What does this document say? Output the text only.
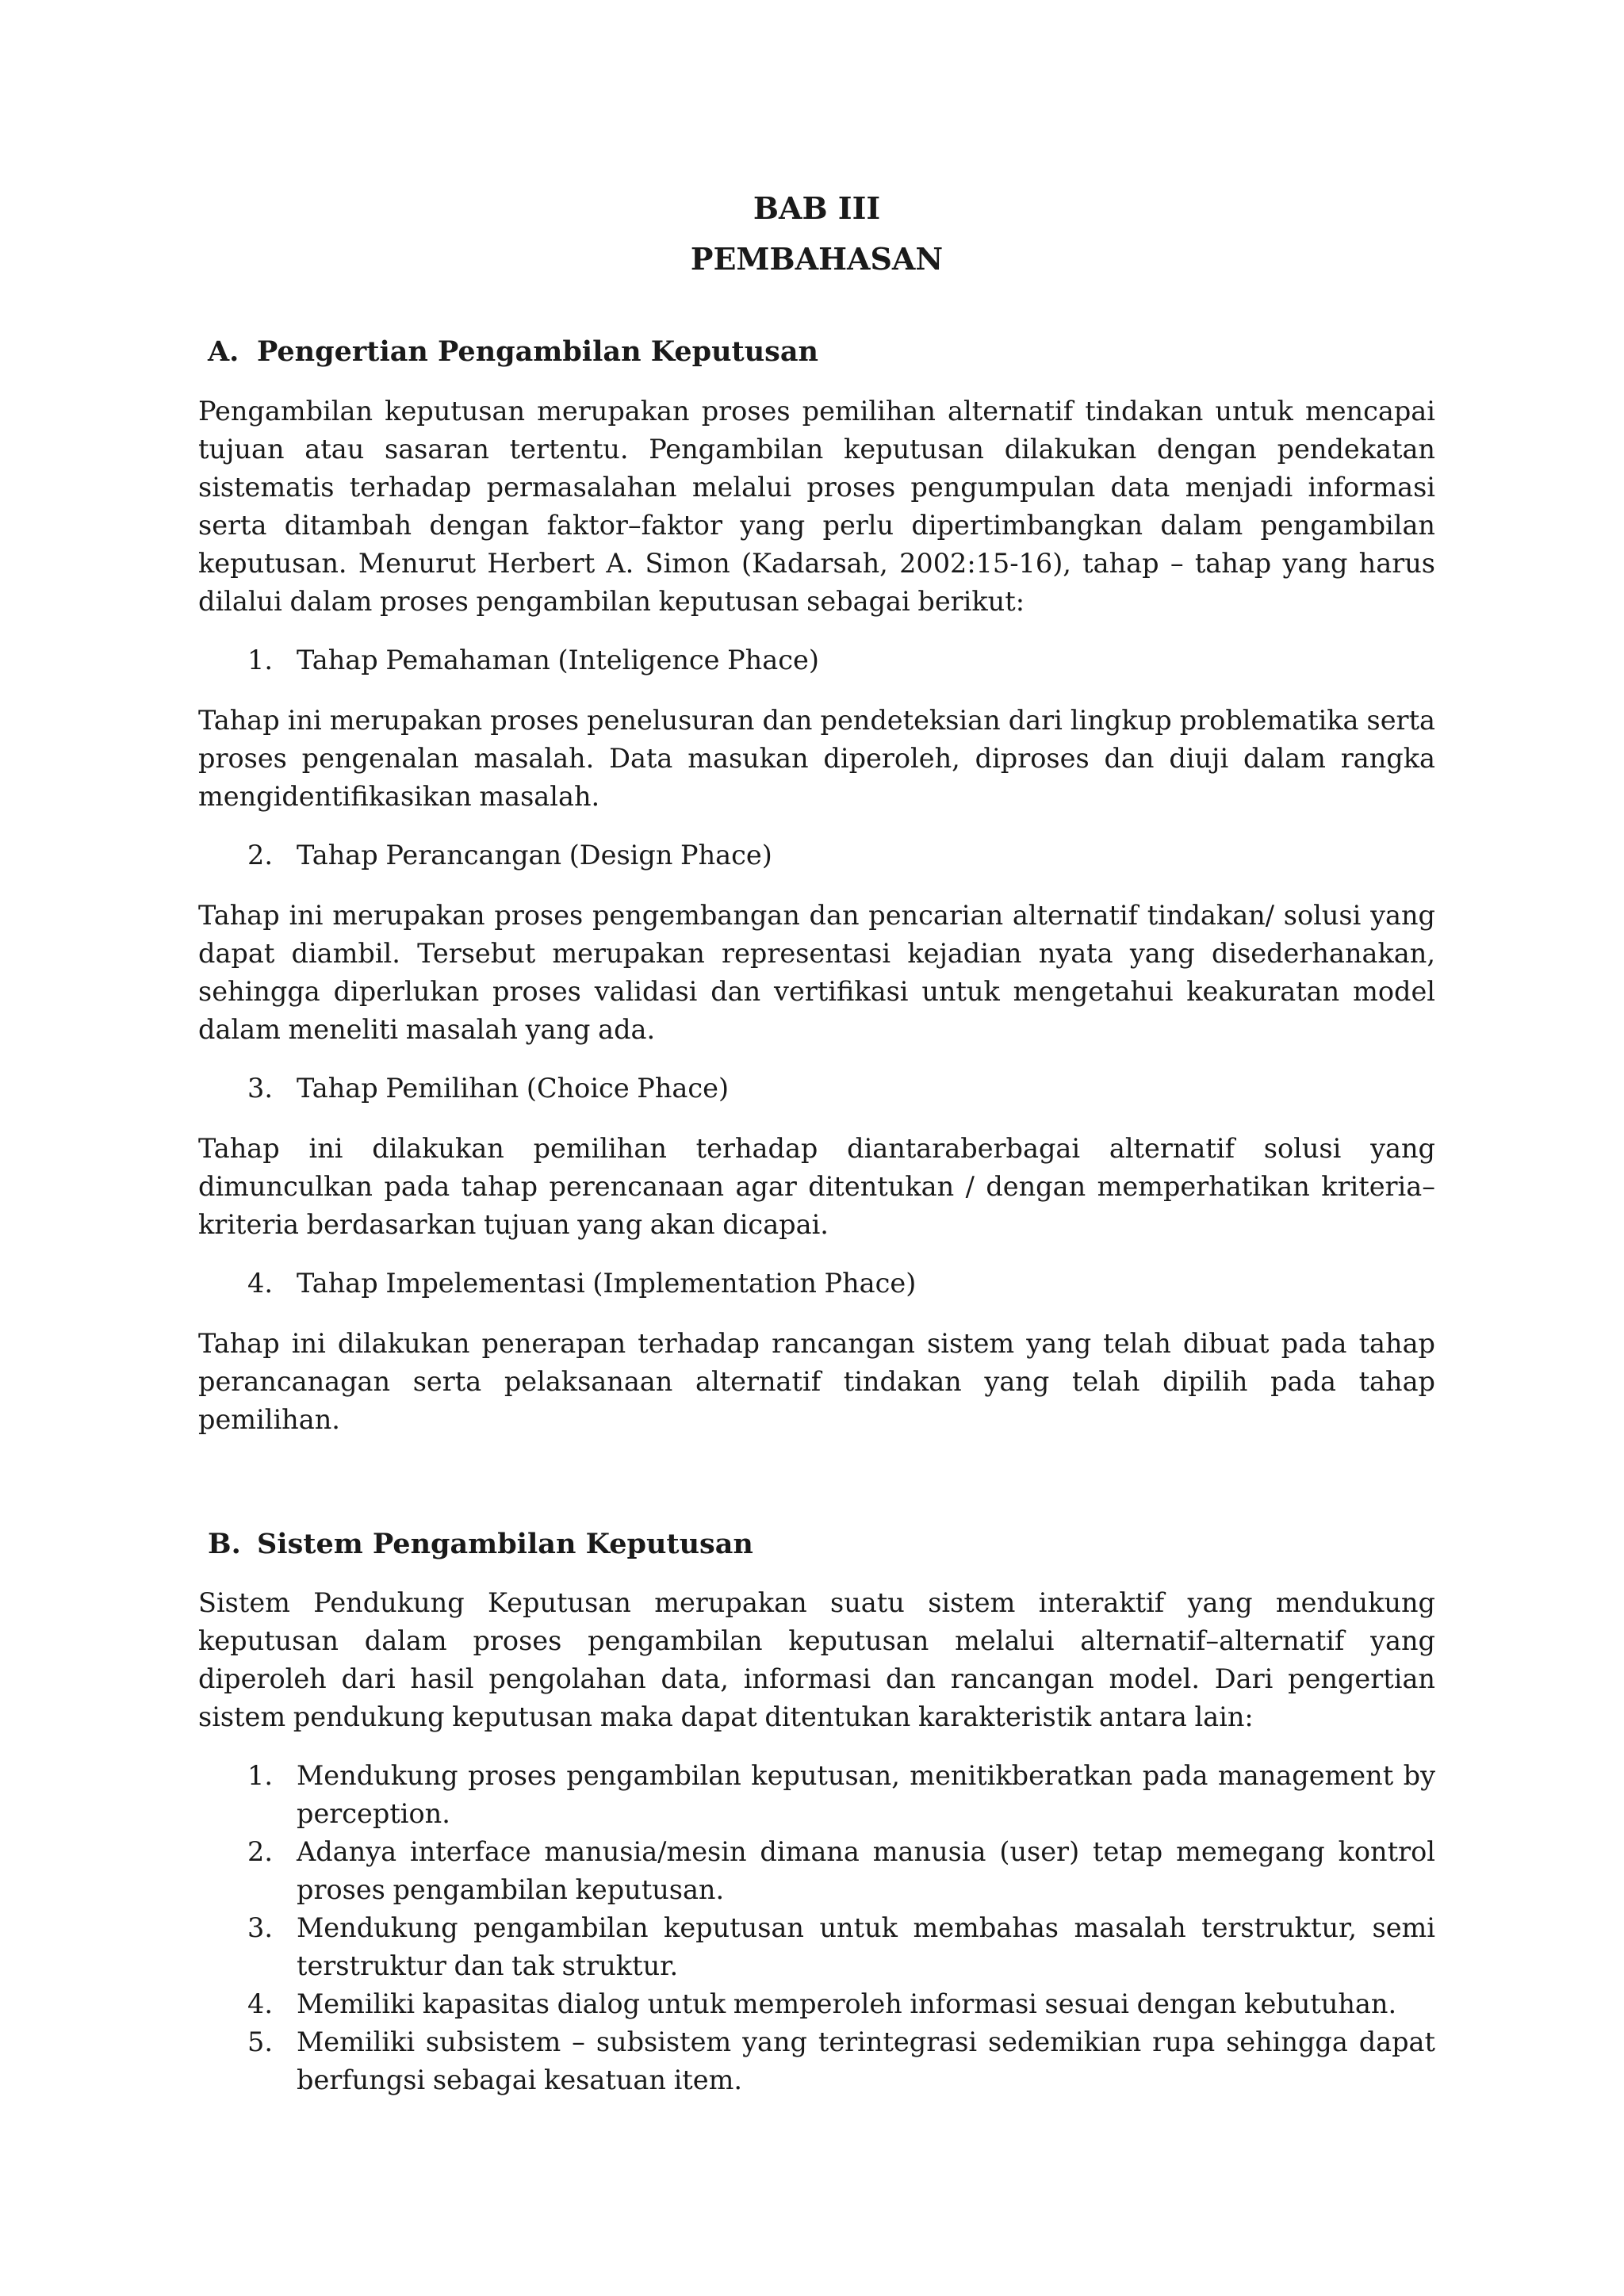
BAB III
PEMBAHASAN
A. Pengertian Pengambilan Keputusan

Pengambilan keputusan merupakan proses pemilihan alternatif tindakan untuk mencapai tujuan atau sasaran tertentu. Pengambilan keputusan dilakukan dengan pendekatan sistematis terhadap permasalahan melalui proses pengumpulan data menjadi informasi serta ditambah dengan faktor–faktor yang perlu dipertimbangkan dalam pengambilan keputusan. Menurut Herbert A. Simon (Kadarsah, 2002:15-16), tahap – tahap yang harus dilalui dalam proses pengambilan keputusan sebagai berikut:

1. Tahap Pemahaman (Inteligence Phace)

Tahap ini merupakan proses penelusuran dan pendeteksian dari lingkup problematika serta proses pengenalan masalah. Data masukan diperoleh, diproses dan diuji dalam rangka mengidentifikasikan masalah.

2. Tahap Perancangan (Design Phace)

Tahap ini merupakan proses pengembangan dan pencarian alternatif tindakan/ solusi yang dapat diambil. Tersebut merupakan representasi kejadian nyata yang disederhanakan, sehingga diperlukan proses validasi dan vertifikasi untuk mengetahui keakuratan model dalam meneliti masalah yang ada.

3. Tahap Pemilihan (Choice Phace)

Tahap ini dilakukan pemilihan terhadap diantaraberbagai alternatif solusi yang dimunculkan pada tahap perencanaan agar ditentukan / dengan memperhatikan kriteria–kriteria berdasarkan tujuan yang akan dicapai.

4. Tahap Impelementasi (Implementation Phace)

Tahap ini dilakukan penerapan terhadap rancangan sistem yang telah dibuat pada tahap perancanagan serta pelaksanaan alternatif tindakan yang telah dipilih pada tahap pemilihan.

B. Sistem Pengambilan Keputusan

Sistem Pendukung Keputusan merupakan suatu sistem interaktif yang mendukung keputusan dalam proses pengambilan keputusan melalui alternatif–alternatif yang diperoleh dari hasil pengolahan data, informasi dan rancangan model. Dari pengertian sistem pendukung keputusan maka dapat ditentukan karakteristik antara lain:

1. Mendukung proses pengambilan keputusan, menitikberatkan pada management by perception.
2. Adanya interface manusia/mesin dimana manusia (user) tetap memegang kontrol proses pengambilan keputusan.
3. Mendukung pengambilan keputusan untuk membahas masalah terstruktur, semi terstruktur dan tak struktur.
4. Memiliki kapasitas dialog untuk memperoleh informasi sesuai dengan kebutuhan.
5. Memiliki subsistem – subsistem yang terintegrasi sedemikian rupa sehingga dapat berfungsi sebagai kesatuan item.
